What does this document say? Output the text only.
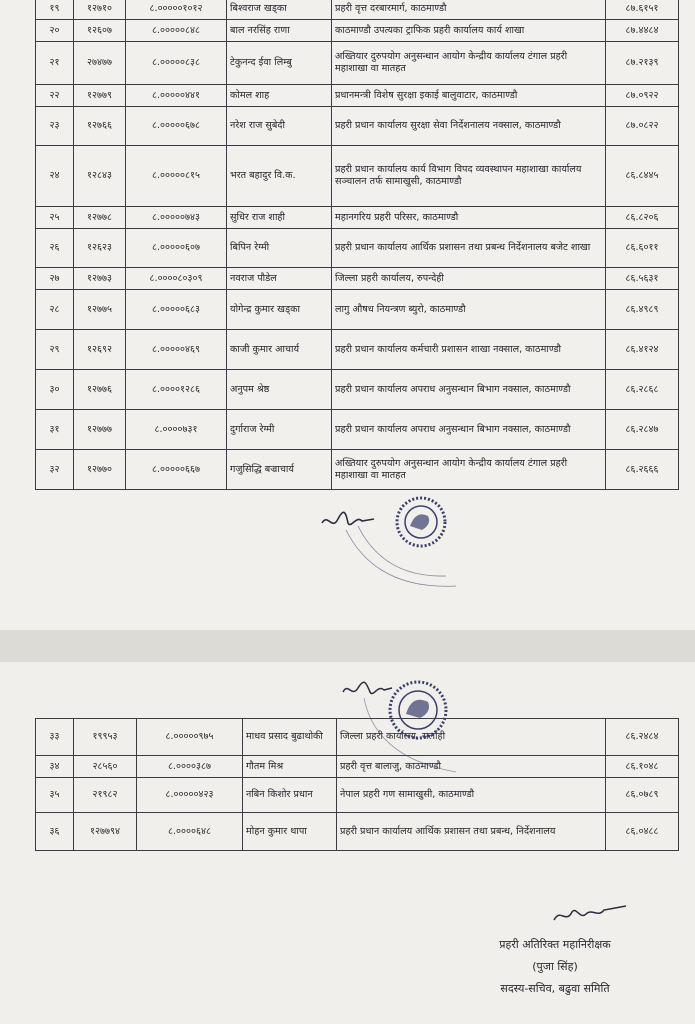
१९	१२७१०	८.०००००१०१२	बिश्वराज खड्का	प्रहरी वृत्त दरबारमार्ग, काठमाण्डौ	८७.६१५१
२०	१२६०७	८.०००००८४८	बाल नरसिंह राणा	काठमाण्डौ उपत्यका ट्राफिक प्रहरी कार्यालय कार्य शाखा	८७.४४८४
२१	२७४७७	८.०००००८३८	टेकुनन्द ईवा लिम्बु	अख्तियार दुरुपयोग अनुसन्धान आयोग केन्द्रीय कार्यालय टंगाल प्रहरी महाशाखा वा मातहत	८७.२१३९
२२	१२७७९	८.०००००४४१	कोमल शाह	प्रधानमन्त्री विशेष सुरक्षा इकाई बालुवाटार, काठमाण्डौ	८७.०९२२
२३	१२७६६	८.०००००६७८	नरेश राज सुबेदी	प्रहरी प्रधान कार्यालय सुरक्षा सेवा निर्देशनालय नक्साल, काठमाण्डौ	८७.०८२२
२४	१२८४३	८.०००००८१५	भरत बहादुर वि.क.	प्रहरी प्रधान कार्यालय कार्य विभाग विपद व्यवस्थापन महाशाखा कार्यालय सञ्चालन तर्फ सामाखुसी, काठमाण्डौ	८६.८४४५
२५	१२७७८	८.०००००७४३	सुधिर राज शाही	महानगरिय प्रहरी परिसर, काठमाण्डौ	८६.८२०६
२६	१२६२३	८.०००००६०७	बिपिन रेग्मी	प्रहरी प्रधान कार्यालय आर्थिक प्रशासन तथा प्रबन्ध निर्देशनालय बजेट शाखा	८६.६०११
२७	१२७७३	८.००००८०३०९	नवराज पौडेल	जिल्ला प्रहरी कार्यालय, रुपन्देही	८६.५६३१
२८	१२७७५	८.०००००६८३	योगेन्द्र कुमार खड्का	लागु औषध नियन्त्रण ब्युरो, काठमाण्डौ	८६.४९८९
२९	१२६९२	८.०००००४६९	काजी कुमार आचार्य	प्रहरी प्रधान कार्यालय कर्मचारी प्रशासन शाखा नक्साल, काठमाण्डौ	८६.४१२४
३०	१२७७६	८.००००१२८६	अनुपम श्रेष्ठ	प्रहरी प्रधान कार्यालय अपराध अनुसन्धान बिभाग नक्साल, काठमाण्डौ	८६.२८६८
३१	१२७७७	८.००००७३१	दुर्गाराज रेग्मी	प्रहरी प्रधान कार्यालय अपराध अनुसन्धान बिभाग नक्साल, काठमाण्डौ	८६.२८४७
३२	१२७७०	८.०००००६६७	गजुसिद्धि बज्राचार्य	अख्तियार दुरुपयोग अनुसन्धान आयोग केन्द्रीय कार्यालय टंगाल प्रहरी महाशाखा वा मातहत	८६.२६६६
३३	१९९५३	८.०००००९७५	माधव प्रसाद बुढाथोकी	जिल्ला प्रहरी कार्यालय, सर्लाही	८६.२४८४
३४	२८५६०	८.००००३८७	गौतम मिश्र	प्रहरी वृत्त बालाजु, काठमाण्डौ	८६.१०४८
३५	२१९८२	८.०००००४२३	नबिन किशोर प्रधान	नेपाल प्रहरी गण सामाखुसी, काठमाण्डौ	८६.०७८९
३६	१२७७९४	८.००००६४८	मोहन कुमार थापा	प्रहरी प्रधान कार्यालय आर्थिक प्रशासन तथा प्रबन्ध, निर्देशनालय	८६.०४८८
प्रहरी अतिरिक्त महानिरीक्षक
(पुजा सिंह)
सदस्य-सचिव, बढुवा समिति
